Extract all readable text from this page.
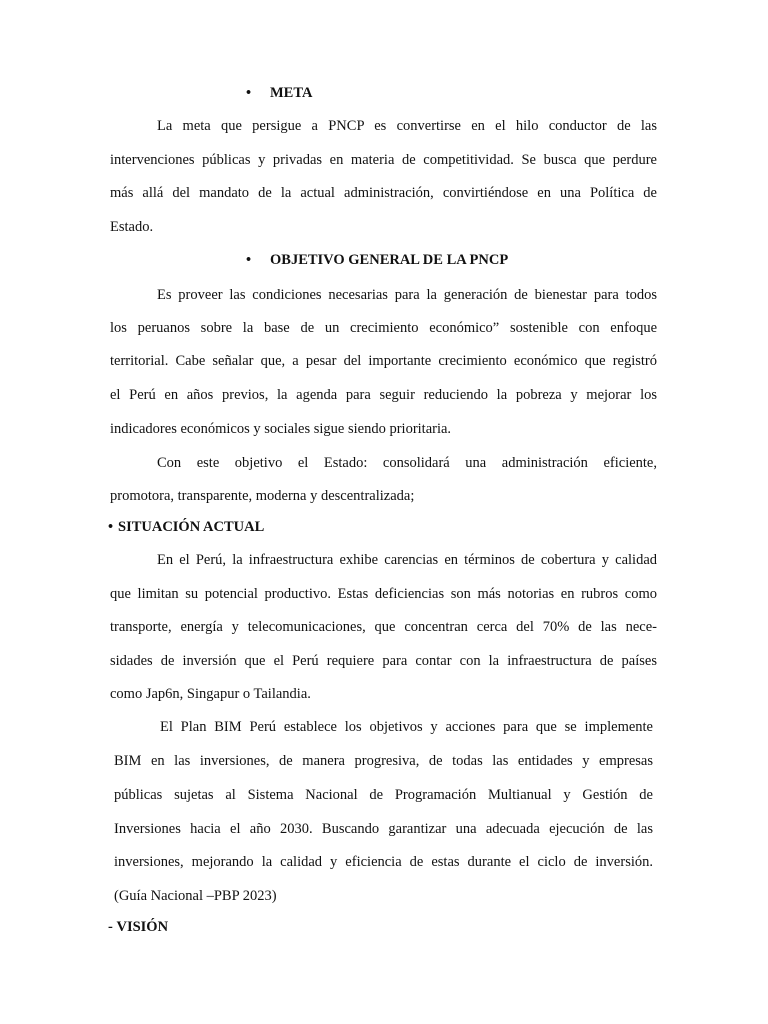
• META
La meta que persigue a PNCP es convertirse en el hilo conductor de las
intervenciones públicas y privadas en materia de competitividad. Se busca que perdure
más allá del mandato de la actual administración, convirtiéndose en una Política de
Estado.
• OBJETIVO GENERAL DE LA PNCP
Es proveer las condiciones necesarias para la generación de bienestar para todos
los peruanos sobre la base de un crecimiento económico” sostenible con enfoque
territorial. Cabe señalar que, a pesar del importante crecimiento económico que registró
el Perú en años previos, la agenda para seguir reduciendo la pobreza y mejorar los
indicadores económicos y sociales sigue siendo prioritaria.
Con este objetivo el Estado: consolidará una administración eficiente,
promotora, transparente, moderna y descentralizada;
• SITUACIÓN ACTUAL
En el Perú, la infraestructura exhibe carencias en términos de cobertura y calidad
que limitan su potencial productivo. Estas deficiencias son más notorias en rubros como
transporte, energía y telecomunicaciones, que concentran cerca del 70% de las nece-
sidades de inversión que el Perú requiere para contar con la infraestructura de países
como Jap6n, Singapur o Tailandia.
El Plan BIM Perú establece los objetivos y acciones para que se implemente
BIM en las inversiones, de manera progresiva, de todas las entidades y empresas
públicas sujetas al Sistema Nacional de Programación Multianual y Gestión de
Inversiones hacia el año 2030. Buscando garantizar una adecuada ejecución de las
inversiones, mejorando la calidad y eficiencia de estas durante el ciclo de inversión.
(Guía Nacional –PBP 2023)
- VISIÓN
